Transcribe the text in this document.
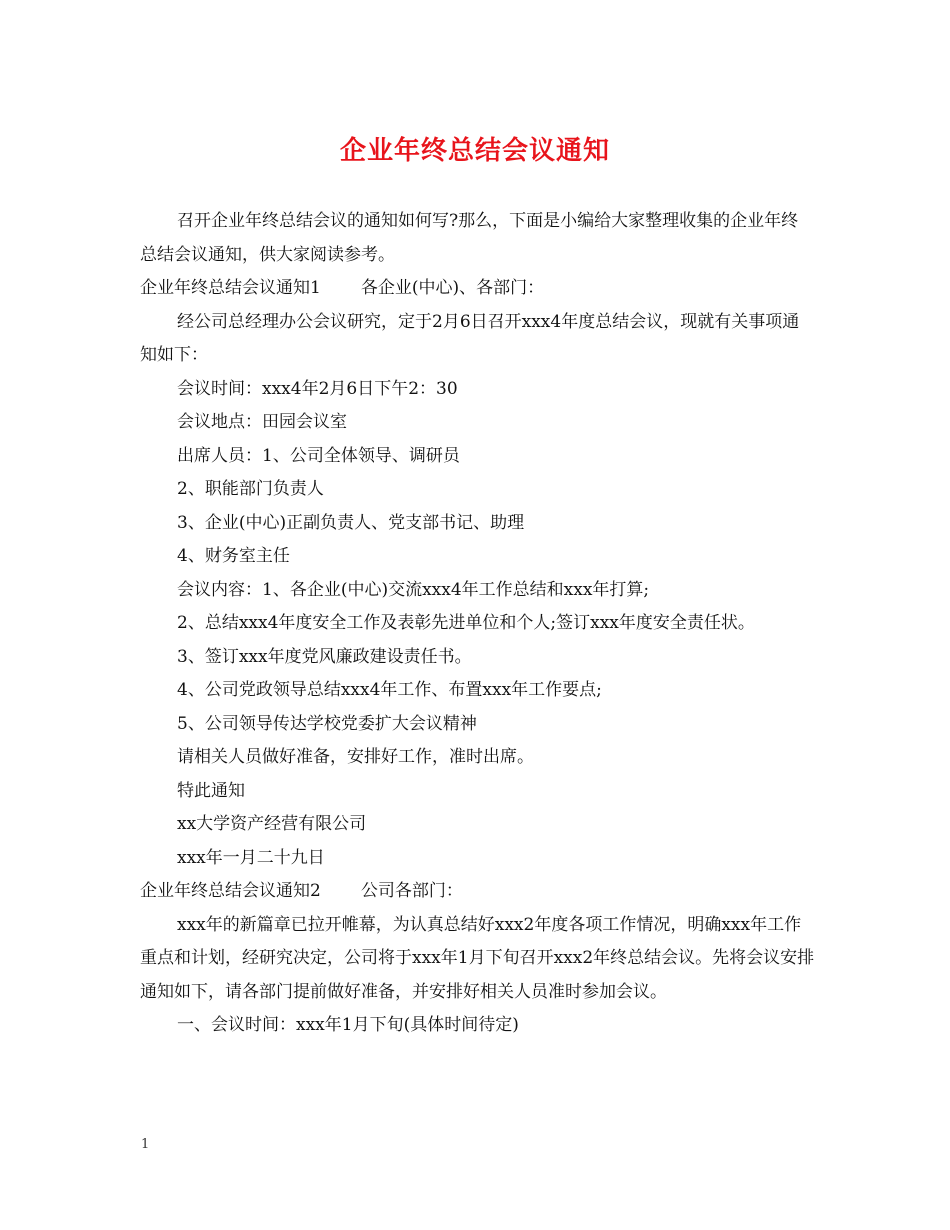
企业年终总结会议通知

召开企业年终总结会议的通知如何写?那么，下面是小编给大家整理收集的企业年终总结会议通知，供大家阅读参考。

企业年终总结会议通知1 各企业(中心)、各部门：

经公司总经理办公会议研究，定于2月6日召开xxx4年度总结会议，现就有关事项通知如下：

会议时间：xxx4年2月6日下午2：30

会议地点：田园会议室

出席人员：1、公司全体领导、调研员

2、职能部门负责人

3、企业(中心)正副负责人、党支部书记、助理

4、财务室主任

会议内容：1、各企业(中心)交流xxx4年工作总结和xxx年打算;

2、总结xxx4年度安全工作及表彰先进单位和个人;签订xxx年度安全责任状。

3、签订xxx年度党风廉政建设责任书。

4、公司党政领导总结xxx4年工作、布置xxx年工作要点;

5、公司领导传达学校党委扩大会议精神

请相关人员做好准备，安排好工作，准时出席。

特此通知

xx大学资产经营有限公司

xxx年一月二十九日

企业年终总结会议通知2 公司各部门：

xxx年的新篇章已拉开帷幕，为认真总结好xxx2年度各项工作情况，明确xxx年工作重点和计划，经研究决定，公司将于xxx年1月下旬召开xxx2年终总结会议。先将会议安排通知如下，请各部门提前做好准备，并安排好相关人员准时参加会议。

一、会议时间：xxx年1月下旬(具体时间待定)

1
